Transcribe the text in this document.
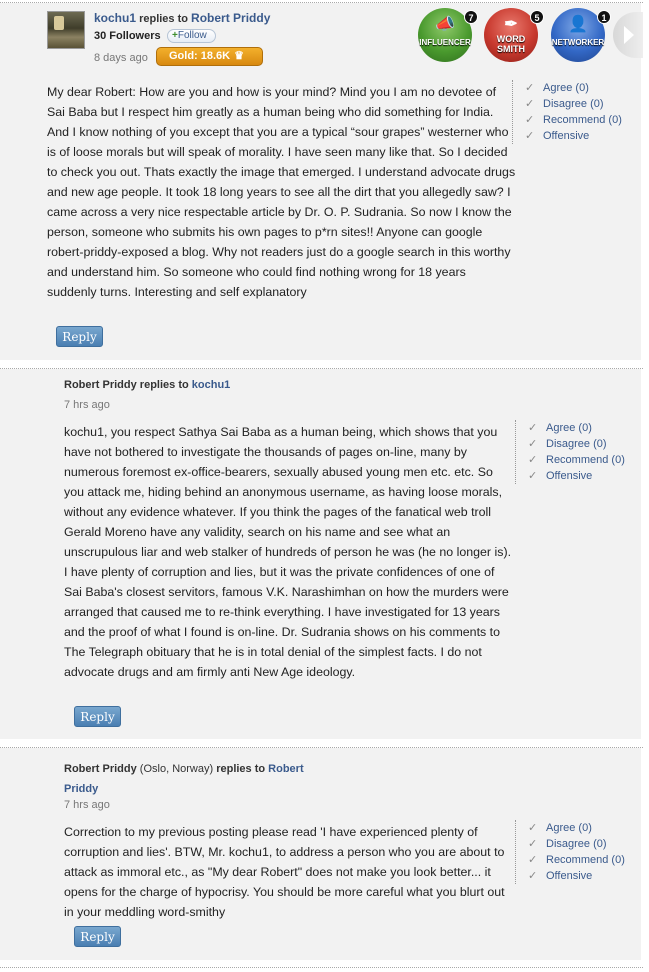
kochu1 replies to Robert Priddy
30 Followers	+Follow
8 days ago	Gold: 18.6K ♛
📣
INFLUENCER
7	✒
WORD
SMITH
5	👤
NETWORKER
1
My dear Robert: How are you and how is your mind? Mind you I am no devotee of Sai Baba but I respect him greatly as a human being who did something for India. And I know nothing of you except that you are a typical “sour grapes” westerner who is of loose morals but will speak of morality. I have seen many like that. So I decided to check you out. Thats exactly the image that emerged. I understand advocate drugs and new age people. It took 18 long years to see all the dirt that you allegedly saw? I came across a very nice respectable article by Dr. O. P. Sudrania. So now I know the person, someone who submits his own pages to p*rn sites!! Anyone can google robert-priddy-exposed a blog. Why not readers just do a google search in this worthy and understand him. So someone who could find nothing wrong for 18 years suddenly turns. Interesting and self explanatory
✓ Agree (0)
✓ Disagree (0)
✓ Recommend (0)
✓ Offensive
Reply
Robert Priddy replies to kochu1
7 hrs ago
kochu1, you respect Sathya Sai Baba as a human being, which shows that you have not bothered to investigate the thousands of pages on-line, many by numerous foremost ex-office-bearers, sexually abused young men etc. etc. So you attack me, hiding behind an anonymous username, as having loose morals, without any evidence whatever. If you think the pages of the fanatical web troll Gerald Moreno have any validity, search on his name and see what an unscrupulous liar and web stalker of hundreds of person he was (he no longer is). I have plenty of corruption and lies, but it was the private confidences of one of Sai Baba's closest servitors, famous V.K. Narashimhan on how the murders were arranged that caused me to re-think everything. I have investigated for 13 years and the proof of what I found is on-line. Dr. Sudrania shows on his comments to The Telegraph obituary that he is in total denial of the simplest facts. I do not advocate drugs and am firmly anti New Age ideology.
✓ Agree (0)
✓ Disagree (0)
✓ Recommend (0)
✓ Offensive
Reply
Robert Priddy (Oslo, Norway) replies to Robert
Priddy
7 hrs ago
Correction to my previous posting please read 'I have experienced plenty of corruption and lies'. BTW, Mr. kochu1, to address a person who you are about to attack as immoral etc., as "My dear Robert" does not make you look better... it opens for the charge of hypocrisy. You should be more careful what you blurt out in your meddling word-smithy
✓ Agree (0)
✓ Disagree (0)
✓ Recommend (0)
✓ Offensive
Reply
